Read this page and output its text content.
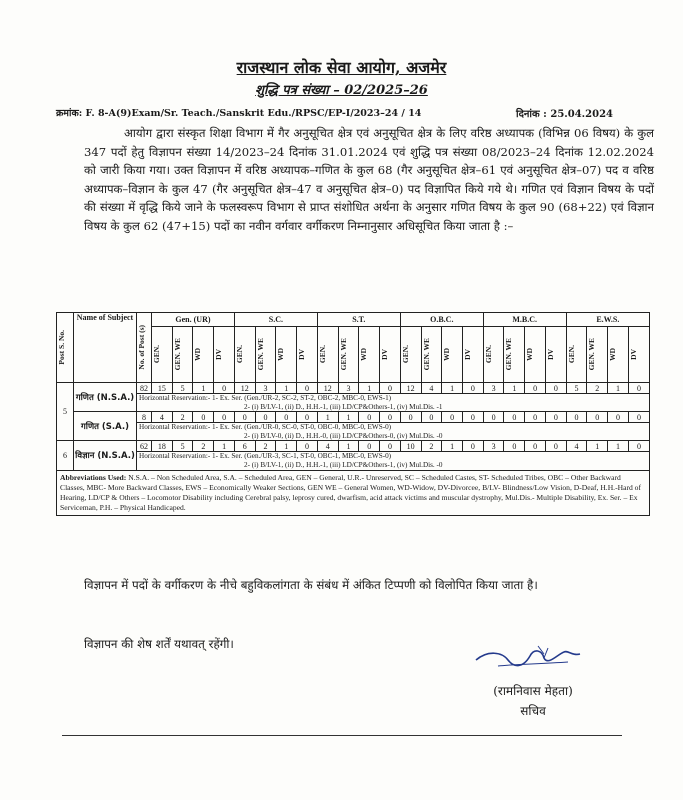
राजस्थान लोक सेवा आयोग, अजमेर
शुद्धि पत्र संख्या – 02/2025–26
क्रमांक: F. 8-A(9)Exam/Sr. Teach./Sanskrit Edu./RPSC/EP-I/2023–24 / 14	दिनांक : 25.04.2024
आयोग द्वारा संस्कृत शिक्षा विभाग में गैर अनुसूचित क्षेत्र एवं अनुसूचित क्षेत्र के लिए वरिष्ठ अध्यापक (विभिन्न 06 विषय) के कुल 347 पदों हेतु विज्ञापन संख्या 14/2023–24 दिनांक 31.01.2024 एवं शुद्धि पत्र संख्या 08/2023–24 दिनांक 12.02.2024 को जारी किया गया। उक्त विज्ञापन में वरिष्ठ अध्यापक–गणित के कुल 68 (गैर अनुसूचित क्षेत्र–61 एवं अनुसूचित क्षेत्र–07) पद व वरिष्ठ अध्यापक–विज्ञान के कुल 47 (गैर अनुसूचित क्षेत्र–47 व अनुसूचित क्षेत्र–0) पद विज्ञापित किये गये थे। गणित एवं विज्ञान विषय के पदों की संख्या में वृद्धि किये जाने के फलस्वरूप विभाग से प्राप्त संशोधित अर्थना के अनुसार गणित विषय के कुल 90 (68+22) एवं विज्ञान विषय के कुल 62 (47+15) पदों का नवीन वर्गवार वर्गीकरण निम्नानुसार अधिसूचित किया जाता है :–
Post S. No.	Name of Subject	No. of Post (s)	Gen. (UR)				S.C.				S.T.				O.B.C.				M.B.C.				E.W.S.			

			GEN.	GEN. WE	WD	DV	GEN.	GEN. WE	WD	DV	GEN.	GEN. WE	WD	DV	GEN.	GEN. WE	WD	DV	GEN.	GEN. WE	WD	DV	GEN.	GEN. WE	WD	DV

5	गणित (N.S.A.)	82	15	5	1	0	12	3	1	0	12	3	1	0	12	4	1	0	3	1	0	0	5	2	1	0

		Horizontal Reservation:- 1- Ex. Ser. (Gen./UR-2, SC-2, ST-2, OBC-2, MBC-0, EWS-1)
2- (i) B/LV-1, (ii) D., H.H.-1, (iii) LD/CP&Others-1, (iv) Mul.Dis. -1																								

	गणित (S.A.)	8	4	2	0	0	0	0	0	0	1	1	0	0	0	0	0	0	0	0	0	0	0	0	0	0

		Horizontal Reservation:- 1- Ex. Ser. (Gen./UR-0, SC-0, ST-0, OBC-0, MBC-0, EWS-0)
2- (i) B/LV-0, (ii) D., H.H.-0, (iii) LD/CP&Others-0, (iv) Mul.Dis. -0																								

6	विज्ञान (N.S.A.)	62	18	5	2	1	6	2	1	0	4	1	0	0	10	2	1	0	3	0	0	0	4	1	1	0

		Horizontal Reservation:- 1- Ex. Ser. (Gen./UR-3, SC-1, ST-0, OBC-1, MBC-0, EWS-0)
2- (i) B/LV-1, (ii) D., H.H.-1, (iii) LD/CP&Others-1, (iv) Mul.Dis. -0																								

Abbreviations Used: N.S.A. – Non Scheduled Area, S.A. – Scheduled Area, GEN – General, U.R.- Unreserved, SC – Scheduled Castes, ST- Scheduled Tribes, OBC – Other Backward Classes, MBC- More Backward Classes, EWS – Economically Weaker Sections, GEN WE – General Women, WD-Widow, DV-Divorcee, B/LV- Blindness/Low Vision, D-Deaf, H.H.-Hard of Hearing, LD/CP & Others – Locomotor Disability including Cerebral palsy, leprosy cured, dwarfism, acid attack victims and muscular dystrophy, Mul.Dis.- Multiple Disability, Ex. Ser. – Ex Serviceman, P.H. – Physical Handicaped.																										
विज्ञापन में पदों के वर्गीकरण के नीचे बहुविकलांगता के संबंध में अंकित टिप्पणी को विलोपित किया जाता है।
विज्ञापन की शेष शर्तें यथावत् रहेंगी।
(रामनिवास मेहता)
सचिव
